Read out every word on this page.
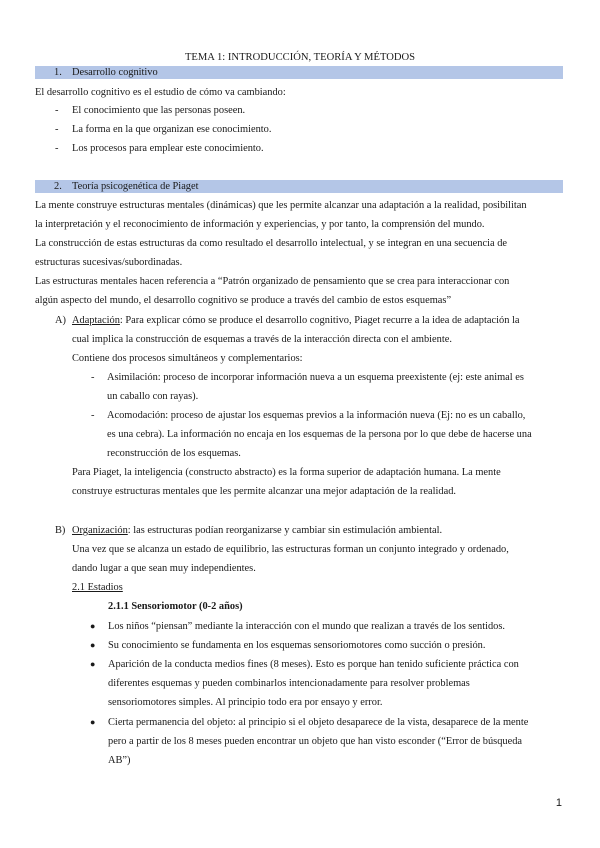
TEMA 1: INTRODUCCIÓN, TEORÍA Y MÉTODOS
1. Desarrollo cognitivo
El desarrollo cognitivo es el estudio de cómo va cambiando:
- El conocimiento que las personas poseen.
- La forma en la que organizan ese conocimiento.
- Los procesos para emplear este conocimiento.
2. Teoría psicogenética de Piaget
La mente construye estructuras mentales (dinámicas) que les permite alcanzar una adaptación a la realidad, posibilitan
la interpretación y el reconocimiento de información y experiencias, y por tanto, la comprensión del mundo.
La construcción de estas estructuras da como resultado el desarrollo intelectual, y se integran en una secuencia de
estructuras sucesivas/subordinadas.
Las estructuras mentales hacen referencia a “Patrón organizado de pensamiento que se crea para interaccionar con
algún aspecto del mundo, el desarrollo cognitivo se produce a través del cambio de estos esquemas”
A) Adaptación: Para explicar cómo se produce el desarrollo cognitivo, Piaget recurre a la idea de adaptación la
cual implica la construcción de esquemas a través de la interacción directa con el ambiente.
Contiene dos procesos simultáneos y complementarios:
- Asimilación: proceso de incorporar información nueva a un esquema preexistente (ej: este animal es
un caballo con rayas).
- Acomodación: proceso de ajustar los esquemas previos a la información nueva (Ej: no es un caballo,
es una cebra). La información no encaja en los esquemas de la persona por lo que debe de hacerse una
reconstrucción de los esquemas.
Para Piaget, la inteligencia (constructo abstracto) es la forma superior de adaptación humana. La mente
construye estructuras mentales que les permite alcanzar una mejor adaptación de la realidad.
B) Organización: las estructuras podían reorganizarse y cambiar sin estimulación ambiental.
Una vez que se alcanza un estado de equilibrio, las estructuras forman un conjunto integrado y ordenado,
dando lugar a que sean muy independientes.
2.1 Estadios
2.1.1 Sensoriomotor (0-2 años)
● Los niños “piensan” mediante la interacción con el mundo que realizan a través de los sentidos.
● Su conocimiento se fundamenta en los esquemas sensoriomotores como succión o presión.
● Aparición de la conducta medios fines (8 meses). Esto es porque han tenido suficiente práctica con
diferentes esquemas y pueden combinarlos intencionadamente para resolver problemas
sensoriomotores simples. Al principio todo era por ensayo y error.
● Cierta permanencia del objeto: al principio si el objeto desaparece de la vista, desaparece de la mente
pero a partir de los 8 meses pueden encontrar un objeto que han visto esconder (“Error de búsqueda
AB”)
1
